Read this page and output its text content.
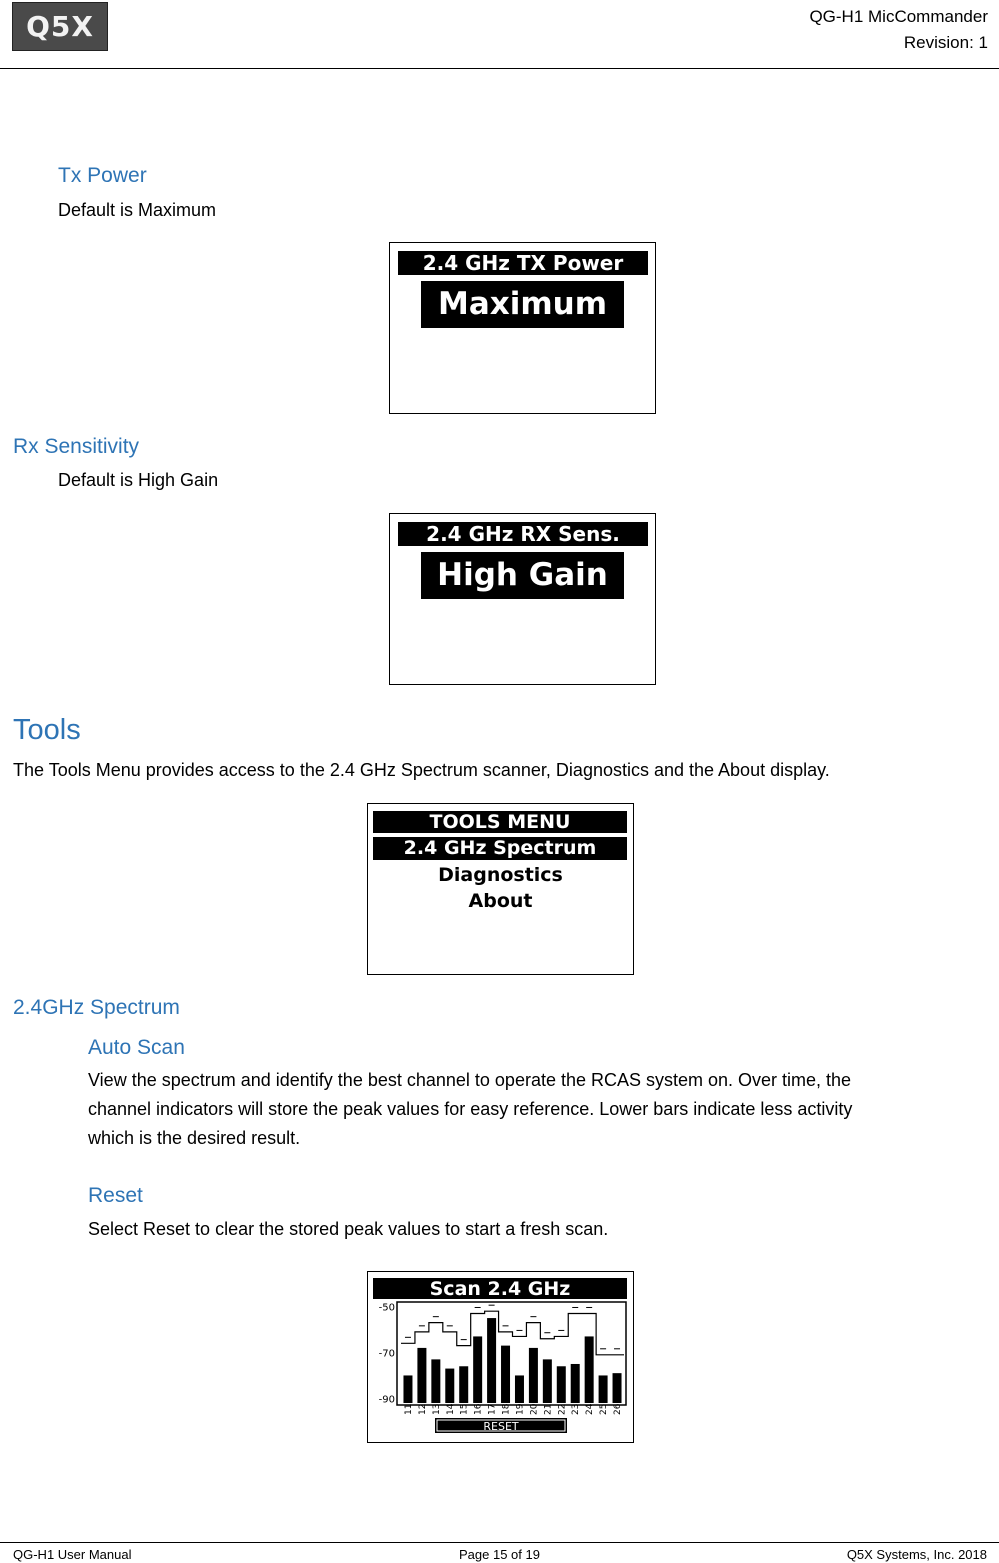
Q5X	QG-H1 MicCommander
Revision: 1
Tx Power
Default is Maximum
2.4 GHz TX Power
Maximum
Rx Sensitivity
Default is High Gain
2.4 GHz RX Sens.
High Gain
Tools
The Tools Menu provides access to the 2.4 GHz Spectrum scanner, Diagnostics and the About display.
TOOLS MENU
2.4 GHz Spectrum
Diagnostics
About
2.4GHz Spectrum
Auto Scan
View the spectrum and identify the best channel to operate the RCAS system on. Over time, the
channel indicators will store the peak values for easy reference. Lower bars indicate less activity
which is the desired result.
Reset
Select Reset to clear the stored peak values to start a fresh scan.
Scan 2.4 GHz
-50
-70
-90
11 12 13 14 15 16 17 18 19 20 21 22 23 24 25 26
RESET
QG-H1 User Manual	Page 15 of 19	Q5X Systems, Inc. 2018
